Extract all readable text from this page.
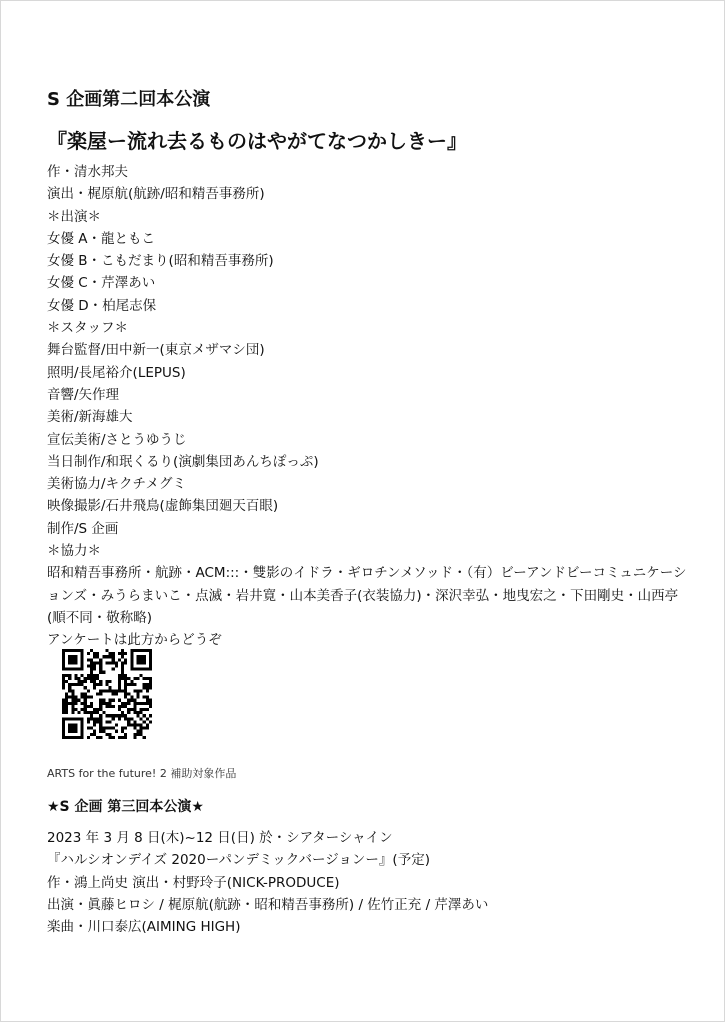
S 企画第二回本公演
『楽屋ー流れ去るものはやがてなつかしきー』
作・清水邦夫
演出・梶原航(航跡/昭和精吾事務所)
＊出演＊
女優 A・龍ともこ
女優 B・こもだまり(昭和精吾事務所)
女優 C・芹澤あい
女優 D・柏尾志保
＊スタッフ＊
舞台監督/田中新一(東京メザマシ団)
照明/長尾裕介(LEPUS)
音響/矢作理
美術/新海雄大
宣伝美術/さとうゆうじ
当日制作/和珉くるり(演劇集団あんちぽっぷ)
美術協力/キクチメグミ
映像撮影/石井飛鳥(虚飾集団廻天百眼)
制作/S 企画
＊協力＊
昭和精吾事務所・航跡・ACM:::・雙影のイドラ・ギロチンメソッド・（有）ビーアンドビーコミュニケーションズ・みうらまいこ・点滅・岩井寛・山本美香子(衣装協力)・深沢幸弘・地曳宏之・下田剛史・山西亭(順不同・敬称略)
アンケートは此方からどうぞ
ARTS for the future! 2 補助対象作品
★S 企画 第三回本公演★
2023 年 3 月 8 日(木)~12 日(日) 於・シアターシャイン
『ハルシオンデイズ 2020ーパンデミックバージョンー』(予定)
作・鴻上尚史 演出・村野玲子(NICK-PRODUCE)
出演・眞藤ヒロシ / 梶原航(航跡・昭和精吾事務所) / 佐竹正充 / 芹澤あい
楽曲・川口泰広(AIMING HIGH)
